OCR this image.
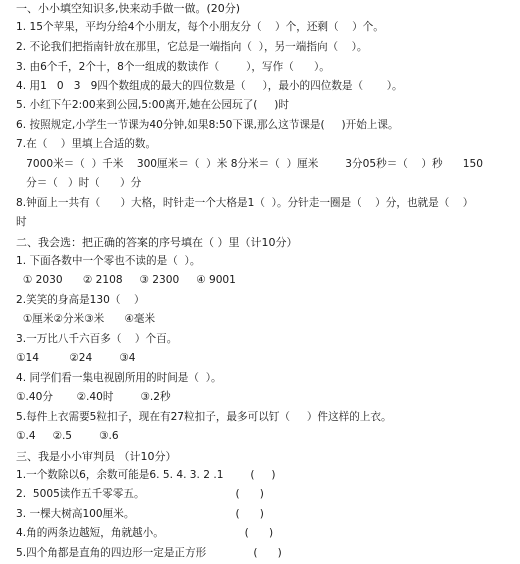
一、小小填空知识多,快来动手做一做。(20分)
1. 15个苹果，平均分给4个小朋友，每个小朋友分（    ）个，还剩（    ）个。
2. 不论我们把指南针放在那里，它总是一端指向（  ），另一端指向（    ）。
3. 由6个千，2个十，8个一组成的数读作（        ），写作（      ）。
4. 用1   0   3   9四个数组成的最大的四位数是（     ），最小的四位数是（       ）。
5. 小红下午2:00来到公园,5:00离开,她在公园玩了(     )时
6. 按照规定,小学生一节课为40分钟,如果8:50下课,那么这节课是(     )开始上课。
7.在（    ）里填上合适的数。
7000米＝（  ）千米    300厘米＝（  ）米 8分米＝（  ）厘米        3分05秒＝（    ）秒      150
分＝（   ）时（      ）分
8.钟面上一共有（      ）大格，时针走一个大格是1（  ）。分针走一圈是（    ）分，也就是（    ）
时
二、我会选：把正确的答案的序号填在（ ）里（计10分）
1. 下面各数中一个零也不读的是（  ）。
① 2030      ② 2108     ③ 2300     ④ 9001
2.笑笑的身高是130（    ）
①厘米②分米③米      ④毫米
3.一万比八千六百多（    ）个百。
①14         ②24        ③4
4. 同学们看一集电视剧所用的时间是（  ）。
①.40分       ②.40时        ③.2秒
5.每件上衣需要5粒扣子，现在有27粒扣子，最多可以钉（     ）件这样的上衣。
①.4     ②.5        ③.6
三、我是小小审判员 （计10分）
1.一个数除以6，余数可能是6. 5. 4. 3. 2 .1        (     )
2.  5005读作五千零零五。                           (      )
3. 一棵大树高100厘米。                              (      )
4.角的两条边越短，角就越小。                        (      )
5.四个角都是直角的四边形一定是正方形              (      )
